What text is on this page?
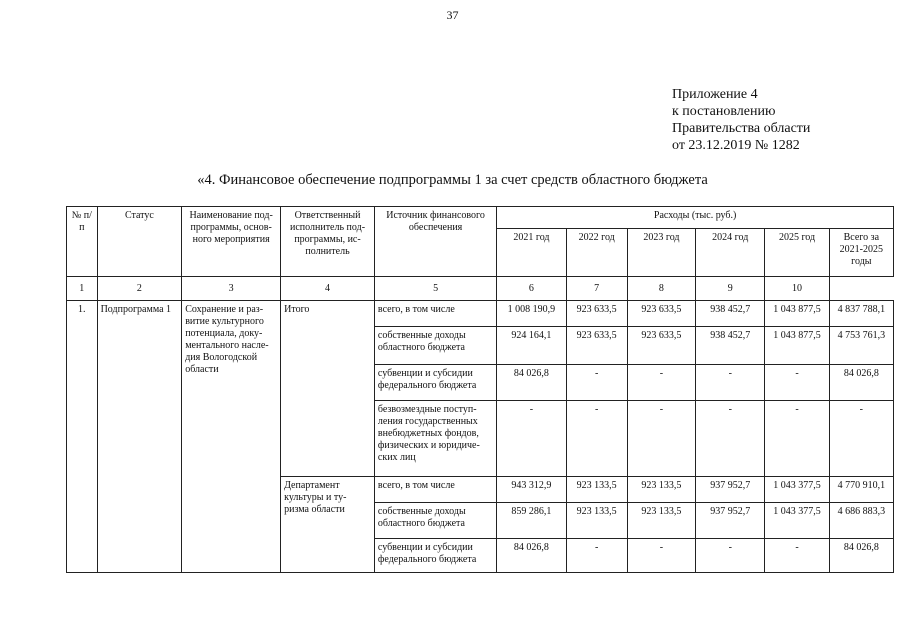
37
Приложение 4
к постановлению
Правительства области
от 23.12.2019 № 1282
«4. Финансовое обеспечение подпрограммы 1 за счет средств областного бюджета
№ п/п	Статус	Наименование под-программы, основ-ного мероприятия	Ответственный исполнитель под-программы, ис-полнитель	Источник финансового обеспечения	Расходы (тыс. руб.)					
					2021 год	2022 год	2023 год	2024 год	2025 год	Всего за 2021-2025 годы
1	2	3	4	5	6	7	8	9	10	
1.	Подпрограмма 1	Сохранение и раз-витие культурного потенциала, доку-ментального насле-дия Вологодской области	Итого	всего, в том числе	1 008 190,9	923 633,5	923 633,5	938 452,7	1 043 877,5	4 837 788,1
				собственные доходы областного бюджета	924 164,1	923 633,5	923 633,5	938 452,7	1 043 877,5	4 753 761,3
				субвенции и субсидии федерального бюджета	84 026,8	-	-	-	-	84 026,8
				безвозмездные поступ-ления государственных внебюджетных фондов, физических и юридиче-ских лиц	-	-	-	-	-	-
			Департамент культуры и ту-ризма области	всего, в том числе	943 312,9	923 133,5	923 133,5	937 952,7	1 043 377,5	4 770 910,1
				собственные доходы областного бюджета	859 286,1	923 133,5	923 133,5	937 952,7	1 043 377,5	4 686 883,3
				субвенции и субсидии федерального бюджета	84 026,8	-	-	-	-	84 026,8
